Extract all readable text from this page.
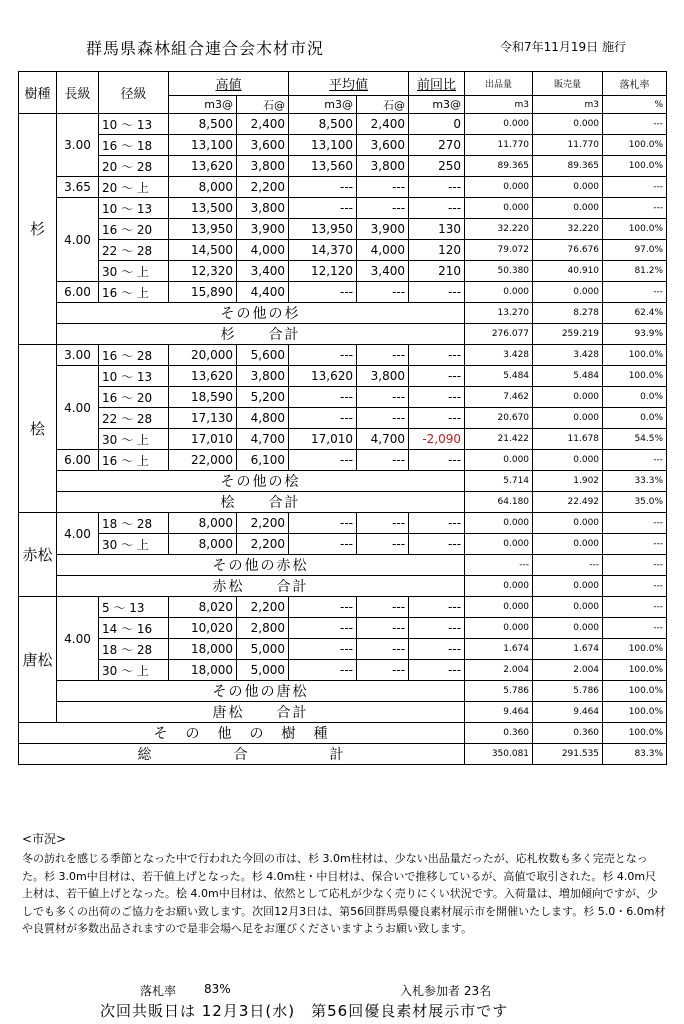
群馬県森林組合連合会木材市況	令和7年11月19日 施行
樹種	長級	径級	高値		平均値		前回比	出品量	販売量	落札率
			m3@	石@	m3@	石@	m3@	m3	m3	%
杉	3.00	10 ～ 13	8,500	2,400	8,500	2,400	0	0.000	0.000	---
		16 ～ 18	13,100	3,600	13,100	3,600	270	11.770	11.770	100.0%
		20 ～ 28	13,620	3,800	13,560	3,800	250	89.365	89.365	100.0%
	3.65	20 ～ 上	8,000	2,200	---	---	---	0.000	0.000	---
	4.00	10 ～ 13	13,500	3,800	---	---	---	0.000	0.000	---
		16 ～ 20	13,950	3,900	13,950	3,900	130	32.220	32.220	100.0%
		22 ～ 28	14,500	4,000	14,370	4,000	120	79.072	76.676	97.0%
		30 ～ 上	12,320	3,400	12,120	3,400	210	50.380	40.910	81.2%
	6.00	16 ～ 上	15,890	4,400	---	---	---	0.000	0.000	---
	その他の杉							13.270	8.278	62.4%
	杉　　合計							276.077	259.219	93.9%
桧	3.00	16 ～ 28	20,000	5,600	---	---	---	3.428	3.428	100.0%
	4.00	10 ～ 13	13,620	3,800	13,620	3,800	---	5.484	5.484	100.0%
		16 ～ 20	18,590	5,200	---	---	---	7.462	0.000	0.0%
		22 ～ 28	17,130	4,800	---	---	---	20.670	0.000	0.0%
		30 ～ 上	17,010	4,700	17,010	4,700	-2,090	21.422	11.678	54.5%
	6.00	16 ～ 上	22,000	6,100	---	---	---	0.000	0.000	---
	その他の桧							5.714	1.902	33.3%
	桧　　合計							64.180	22.492	35.0%
赤松	4.00	18 ～ 28	8,000	2,200	---	---	---	0.000	0.000	---
		30 ～ 上	8,000	2,200	---	---	---	0.000	0.000	---
	その他の赤松							---	---	---
	赤松　　合計							0.000	0.000	---
唐松	4.00	5 ～ 13	8,020	2,200	---	---	---	0.000	0.000	---
		14 ～ 16	10,020	2,800	---	---	---	0.000	0.000	---
		18 ～ 28	18,000	5,000	---	---	---	1.674	1.674	100.0%
		30 ～ 上	18,000	5,000	---	---	---	2.004	2.004	100.0%
	その他の唐松							5.786	5.786	100.0%
	唐松　　合計							9.464	9.464	100.0%
そ　の　他　の　樹　種								0.360	0.360	100.0%
総　　　　　合　　　　　計								350.081	291.535	83.3%
<市況>
冬の訪れを感じる季節となった中で行われた今回の市は、杉 3.0m柱材は、少ない出品量だったが、応札枚数も多く完売となった。杉 3.0m中目材は、若干値上げとなった。杉 4.0m柱・中目材は、保合いで推移しているが、高値で取引された。杉 4.0m尺上材は、若干値上げとなった。桧 4.0m中目材は、依然として応札が少なく売りにくい状況です。入荷量は、増加傾向ですが、少しでも多くの出荷のご協力をお願い致します。次回12月3日は、第56回群馬県優良素材展示市を開催いたします。杉 5.0・6.0m材や良質材が多数出品されますので是非会場へ足をお運びくださいますようお願い致します。
落札率 83%	入札参加者 23名
次回共販日は 12月3日(水)　第56回優良素材展示市です
